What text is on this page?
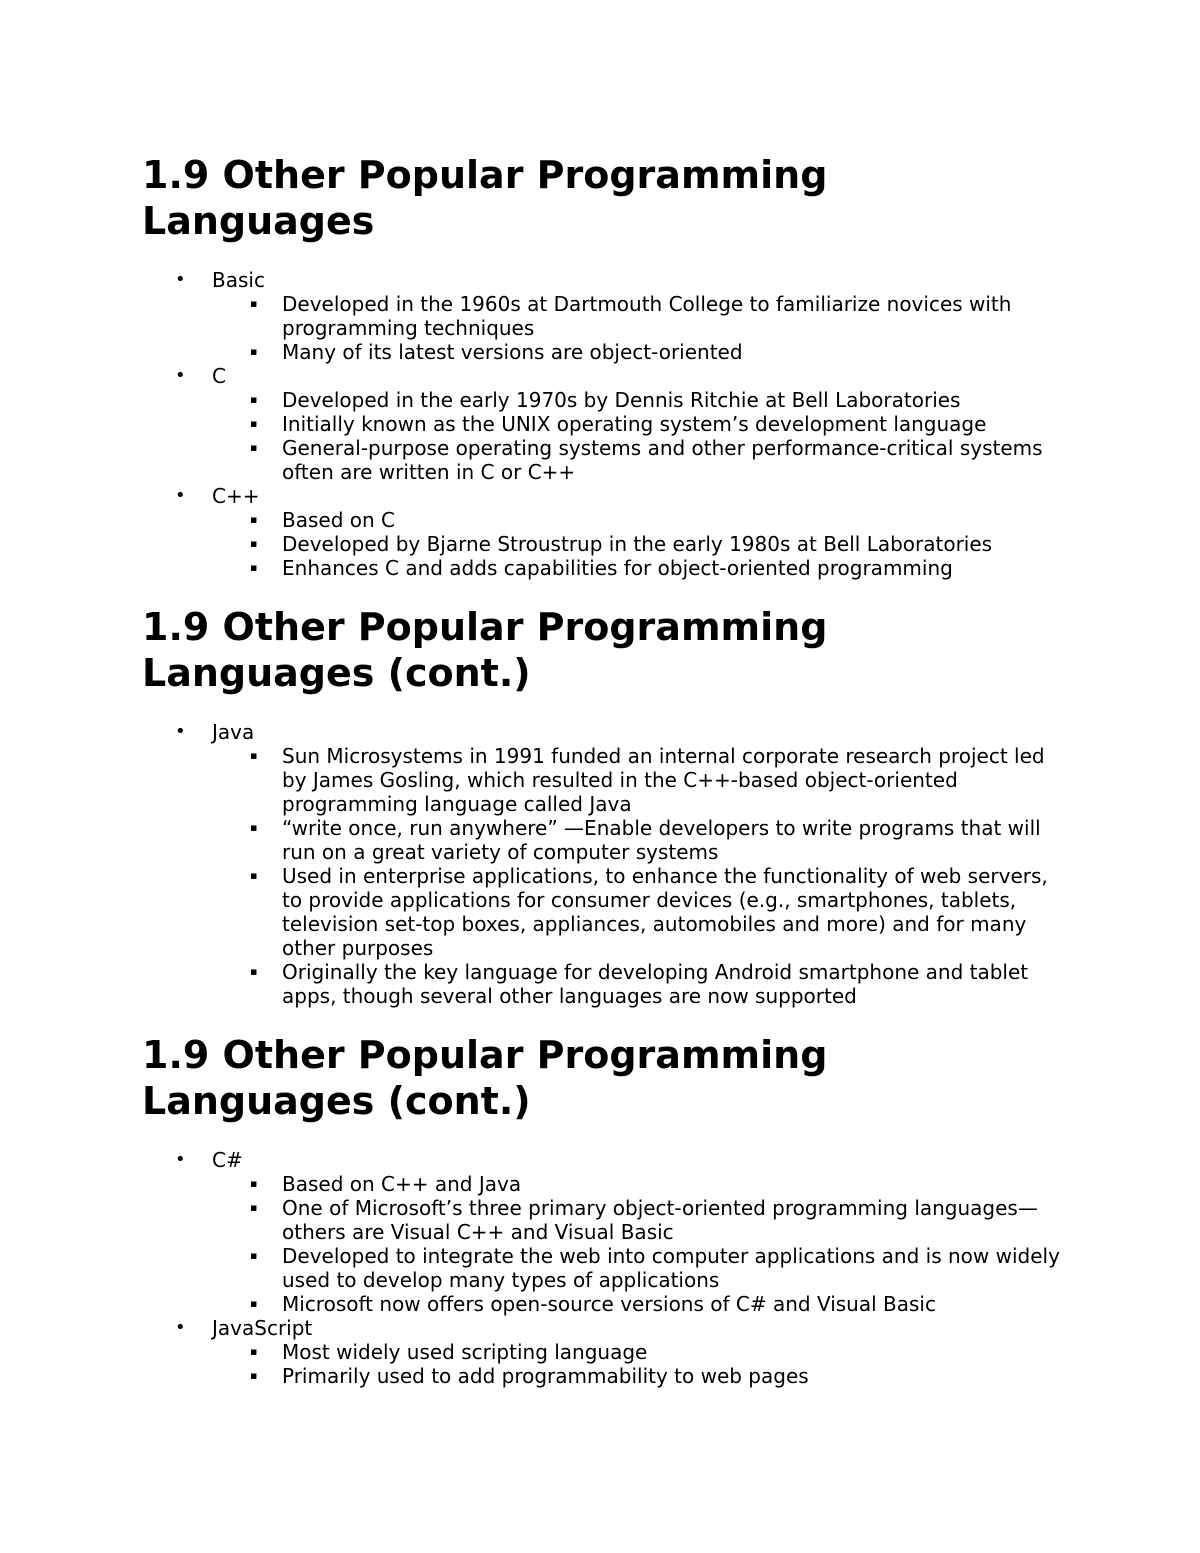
1.9 Other Popular Programming Languages
• Basic
▪ Developed in the 1960s at Dartmouth College to familiarize novices with programming techniques
▪ Many of its latest versions are object-oriented
• C
▪ Developed in the early 1970s by Dennis Ritchie at Bell Laboratories
▪ Initially known as the UNIX operating system’s development language
▪ General-purpose operating systems and other performance-critical systems often are written in C or C++
• C++
▪ Based on C
▪ Developed by Bjarne Stroustrup in the early 1980s at Bell Laboratories
▪ Enhances C and adds capabilities for object-oriented programming
1.9 Other Popular Programming Languages (cont.)
• Java
▪ Sun Microsystems in 1991 funded an internal corporate research project led by James Gosling, which resulted in the C++-based object-oriented programming language called Java
▪ “write once, run anywhere” —Enable developers to write programs that will run on a great variety of computer systems
▪ Used in enterprise applications, to enhance the functionality of web servers, to provide applications for consumer devices (e.g., smartphones, tablets, television set-top boxes, appliances, automobiles and more) and for many other purposes
▪ Originally the key language for developing Android smartphone and tablet apps, though several other languages are now supported
1.9 Other Popular Programming Languages (cont.)
• C#
▪ Based on C++ and Java
▪ One of Microsoft’s three primary object-oriented programming languages—others are Visual C++ and Visual Basic
▪ Developed to integrate the web into computer applications and is now widely used to develop many types of applications
▪ Microsoft now offers open-source versions of C# and Visual Basic
• JavaScript
▪ Most widely used scripting language
▪ Primarily used to add programmability to web pages
